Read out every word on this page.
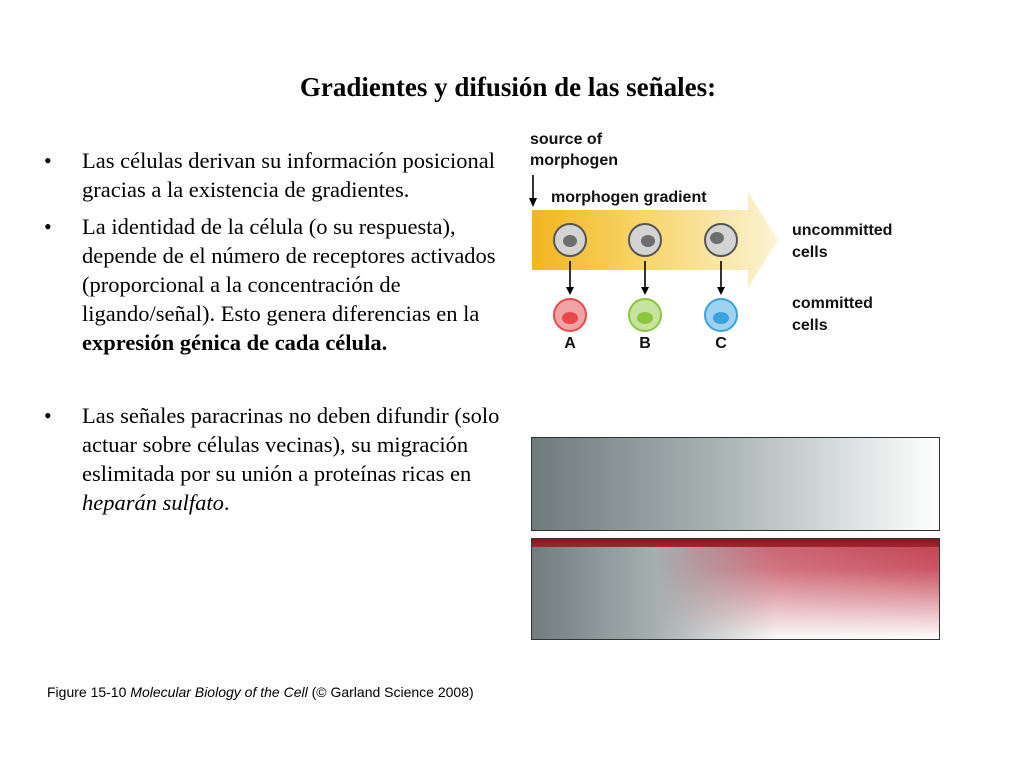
Gradientes y difusión de las señales:
• Las células derivan su información posicional gracias a la existencia de gradientes.
• La identidad de la célula (o su respuesta), depende de el número de receptores activados (proporcional a la concentración de ligando/señal). Esto genera diferencias en la expresión génica de cada célula.
• Las señales paracrinas no deben difundir (solo actuar sobre células vecinas), su migración eslimitada por su unión a proteínas ricas en heparán sulfato.
source of
morphogen
morphogen gradient
A	B	C
uncommitted
cells
committed
cells
Figure 15-10 Molecular Biology of the Cell (© Garland Science 2008)
